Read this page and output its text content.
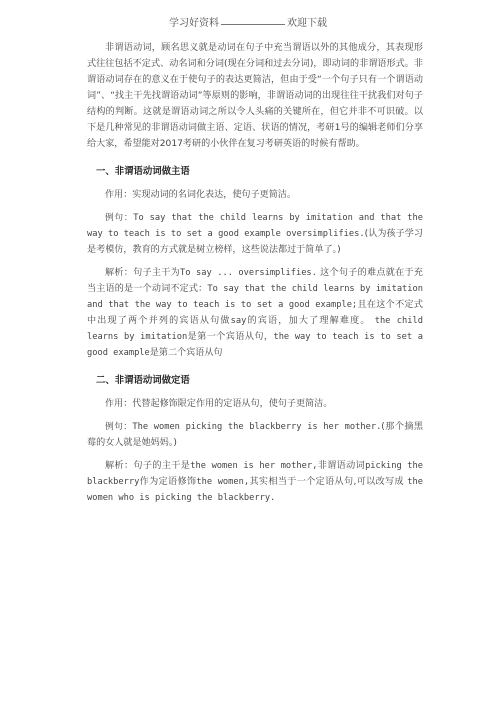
学习好资料	欢迎下载

非谓语动词，顾名思义就是动词在句子中充当谓语以外的其他成分，其表现形式往往包括不定式、动名词和分词(现在分词和过去分词)，即动词的非谓语形式。非谓语动词存在的意义在于使句子的表达更简洁，但由于受“一个句子只有一个谓语动词”、“找主干先找谓语动词”等原则的影响，非谓语动词的出现往往干扰我们对句子结构的判断。这就是谓语动词之所以令人头痛的关键所在，但它并非不可识破。以下是几种常见的非谓语动词做主语、定语、状语的情况，考研1号的编辑老师们分享给大家，希望能对2017考研的小伙伴在复习考研英语的时候有帮助。

一、非谓语动词做主语

作用：实现动词的名词化表达，使句子更简洁。

例句：To say that the child learns by imitation and that the way to teach is to set a good example oversimplifies.(认为孩子学习是考模仿，教育的方式就是树立榜样，这些说法都过于简单了。)

解析：句子主干为To say ... oversimplifies. 这个句子的难点就在于充当主语的是一个动词不定式：To say that the child learns by imitation and that the way to teach is to set a good example;且在这个不定式中出现了两个并列的宾语从句做say的宾语，加大了理解难度。 the child learns by imitation是第一个宾语从句，the way to teach is to set a good example是第二个宾语从句

二、非谓语动词做定语

作用：代替起修饰限定作用的定语从句，使句子更简洁。

例句：The women picking the blackberry is her mother.(那个摘黑莓的女人就是她妈妈。)

解析：句子的主干是the women is her mother,非谓语动词picking the blackberry作为定语修饰the women,其实相当于一个定语从句,可以改写成 the women who is picking the blackberry.
